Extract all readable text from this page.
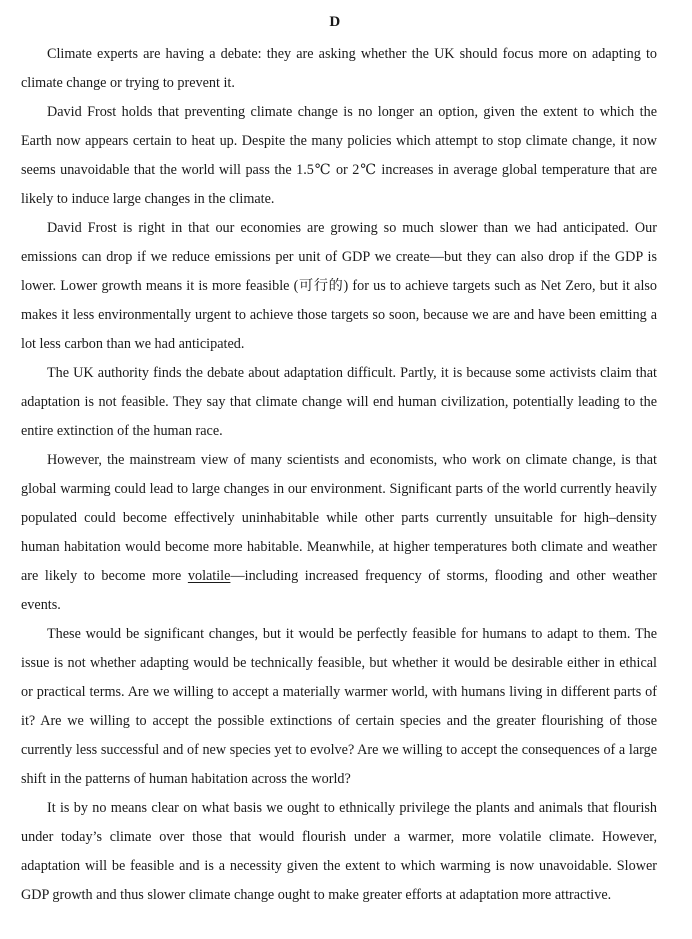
D

Climate experts are having a debate: they are asking whether the UK should focus more on adapting to climate change or trying to prevent it.

David Frost holds that preventing climate change is no longer an option, given the extent to which the Earth now appears certain to heat up. Despite the many policies which attempt to stop climate change, it now seems unavoidable that the world will pass the 1.5℃ or 2℃ increases in average global temperature that are likely to induce large changes in the climate.

David Frost is right in that our economies are growing so much slower than we had anticipated. Our emissions can drop if we reduce emissions per unit of GDP we create—but they can also drop if the GDP is lower. Lower growth means it is more feasible (可行的) for us to achieve targets such as Net Zero, but it also makes it less environmentally urgent to achieve those targets so soon, because we are and have been emitting a lot less carbon than we had anticipated.

The UK authority finds the debate about adaptation difficult. Partly, it is because some activists claim that adaptation is not feasible. They say that climate change will end human civilization, potentially leading to the entire extinction of the human race.

However, the mainstream view of many scientists and economists, who work on climate change, is that global warming could lead to large changes in our environment. Significant parts of the world currently heavily populated could become effectively uninhabitable while other parts currently unsuitable for high–density human habitation would become more habitable. Meanwhile, at higher temperatures both climate and weather are likely to become more volatile—including increased frequency of storms, flooding and other weather events.

These would be significant changes, but it would be perfectly feasible for humans to adapt to them. The issue is not whether adapting would be technically feasible, but whether it would be desirable either in ethical or practical terms. Are we willing to accept a materially warmer world, with humans living in different parts of it? Are we willing to accept the possible extinctions of certain species and the greater flourishing of those currently less successful and of new species yet to evolve? Are we willing to accept the consequences of a large shift in the patterns of human habitation across the world?

It is by no means clear on what basis we ought to ethnically privilege the plants and animals that flourish under today’s climate over those that would flourish under a warmer, more volatile climate. However, adaptation will be feasible and is a necessity given the extent to which warming is now unavoidable. Slower GDP growth and thus slower climate change ought to make greater efforts at adaptation more attractive.
